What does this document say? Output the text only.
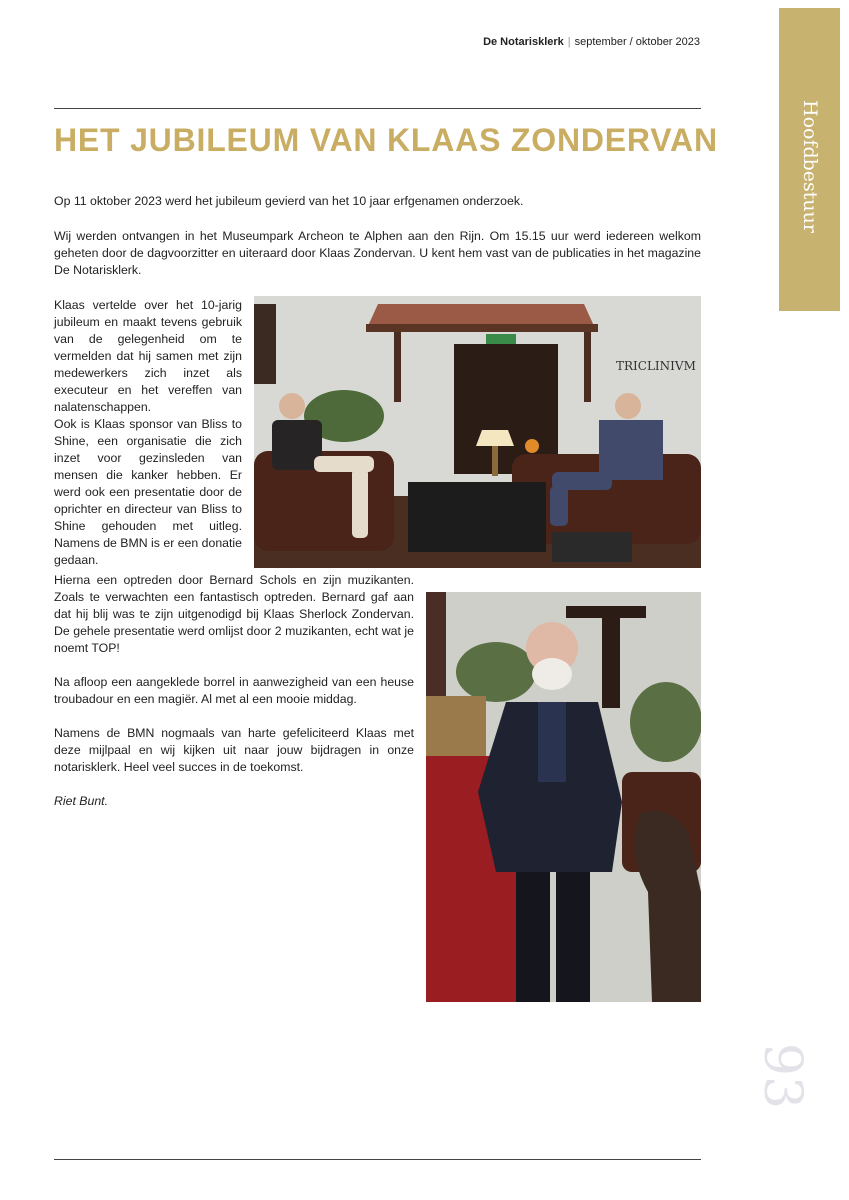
De Notarisklerk | september / oktober 2023
Hoofdbestuur
HET JUBILEUM VAN KLAAS ZONDERVAN

Op 11 oktober 2023 werd het jubileum gevierd van het 10 jaar erfgenamen onderzoek.

Wij werden ontvangen in het Museumpark Archeon te Alphen aan den Rijn. Om 15.15 uur werd iedereen welkom geheten door de dagvoorzitter en uiteraard door Klaas Zondervan. U kent hem vast van de publicaties in het magazine De Notarisklerk.

Klaas vertelde over het 10-jarig jubileum en maakt tevens gebruik van de gelegenheid om te vermelden dat hij samen met zijn medewerkers zich inzet als executeur en het vereffen van nalatenschappen.

Ook is Klaas sponsor van Bliss to Shine, een organisatie die zich inzet voor gezinsleden van mensen die kanker hebben. Er werd ook een presentatie door de oprichter en directeur van Bliss to Shine gehouden met uitleg. Namens de BMN is er een donatie gedaan.

Hierna een optreden door Bernard Schols en zijn muzikanten. Zoals te verwachten een fantastisch optreden. Bernard gaf aan dat hij blij was te zijn uitgenodigd bij Klaas Sherlock Zondervan. De gehele presentatie werd omlijst door 2 muzikanten, echt wat je noemt TOP!

Na afloop een aangeklede borrel in aanwezigheid van een heuse troubadour en een magiër. Al met al een mooie middag.

Namens de BMN nogmaals van harte gefeliciteerd Klaas met deze mijlpaal en wij kijken uit naar jouw bijdragen in onze notarisklerk. Heel veel succes in de toekomst.

Riet Bunt.

TRICLINIVM
93
